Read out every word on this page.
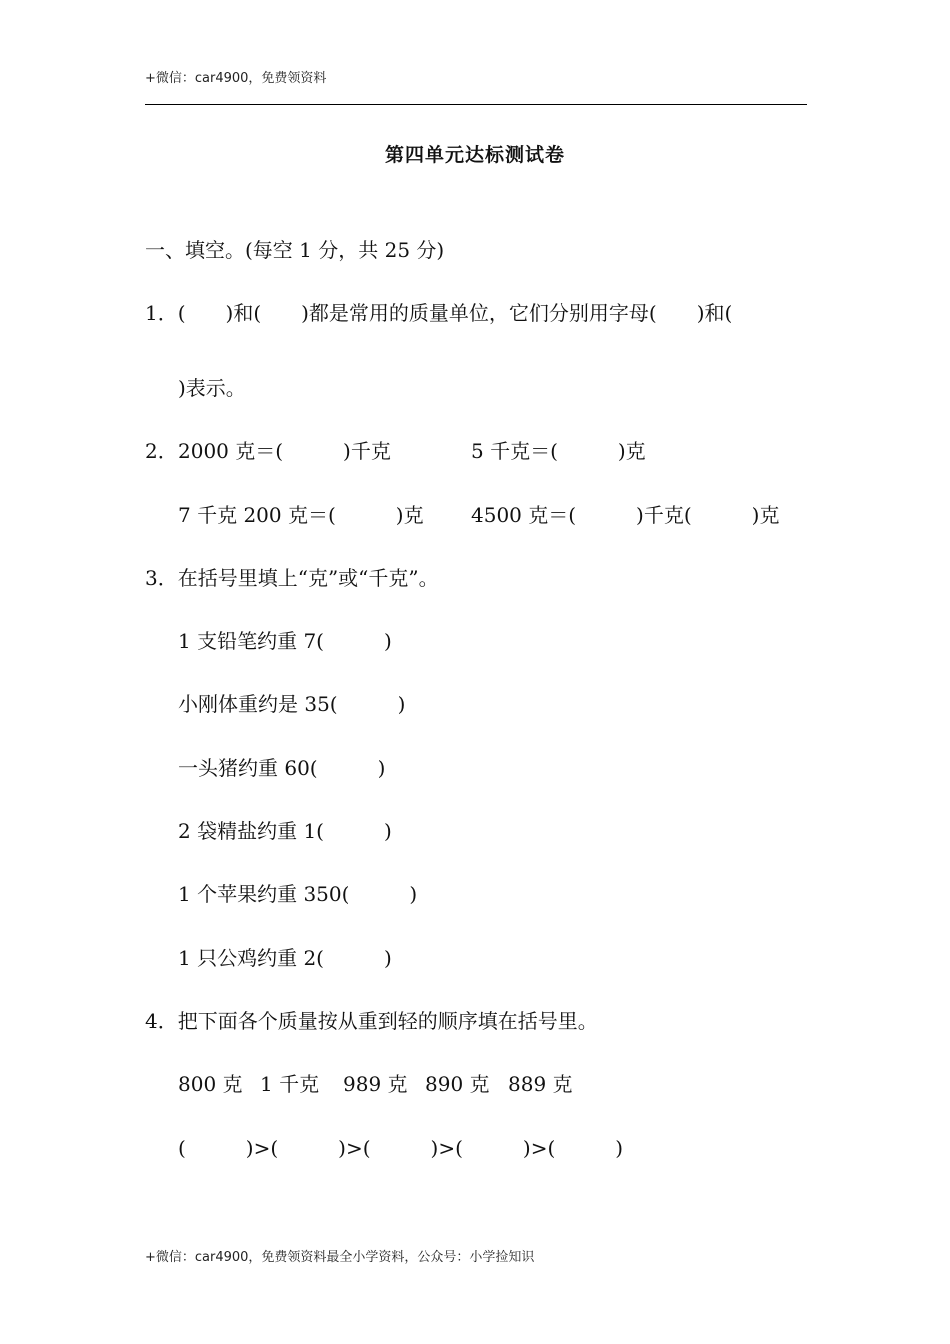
+微信：car4900，免费领资料
第四单元达标测试卷
一、填空。(每空 1 分，共 25 分)
1．(　　)和(　　)都是常用的质量单位，它们分别用字母(　　)和(
)表示。
2． 2000 克＝(　　　)千克	5 千克＝(　　　)克
7 千克 200 克＝(　　　)克 4500 克＝(　　　)千克(　　　)克
3．在括号里填上“克”或“千克”。
1 支铅笔约重 7(　　　)
小刚体重约是 35(　　　)
一头猪约重 60(　　　)
2 袋精盐约重 1(　　　)
1 个苹果约重 350(　　　)
1 只公鸡约重 2(　　　)
4．把下面各个质量按从重到轻的顺序填在括号里。
800 克 1 千克 989 克 890 克 889 克
(　　　)>(　　　)>(　　　)>(　　　)>(　　　)
+微信：car4900，免费领资料最全小学资料，公众号：小学捡知识
